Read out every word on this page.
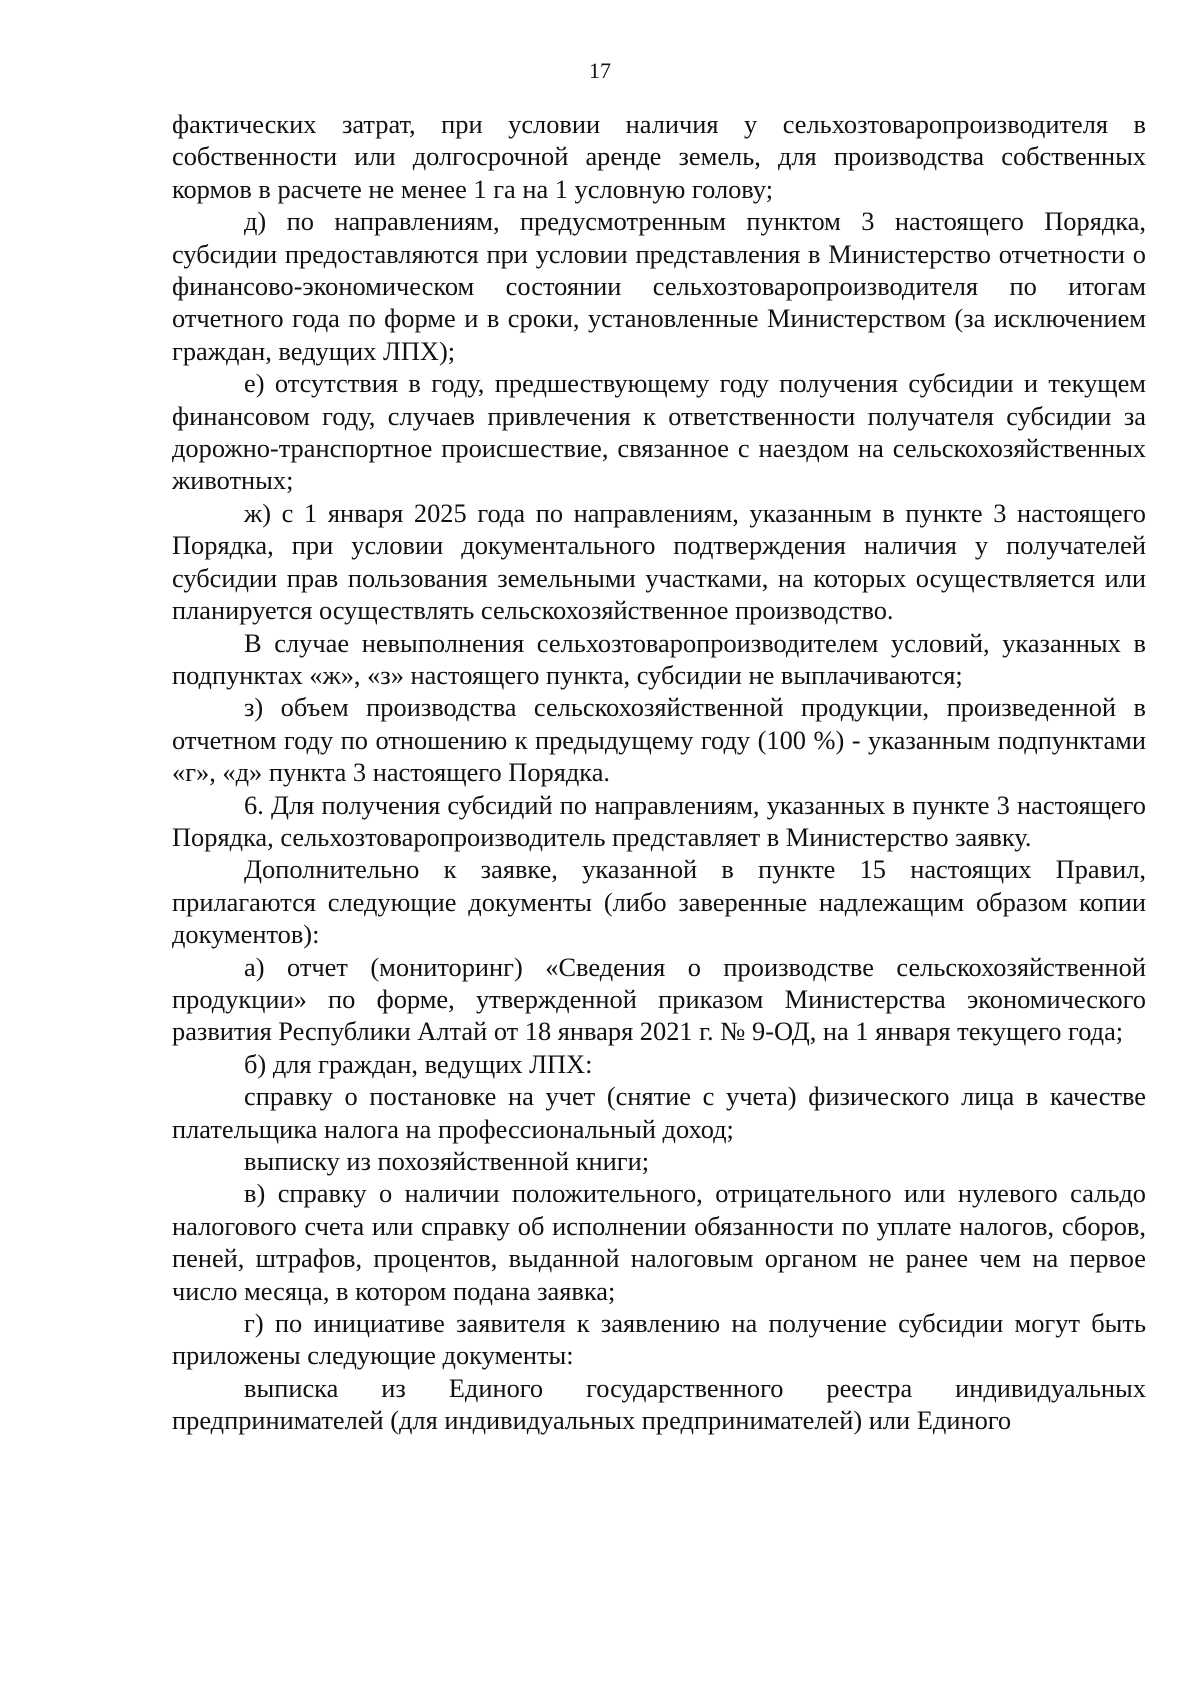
17

фактических затрат, при условии наличия у сельхозтоваропроизводителя в собственности или долгосрочной аренде земель, для производства собственных кормов в расчете не менее 1 га на 1 условную голову;

д) по направлениям, предусмотренным пунктом 3 настоящего Порядка, субсидии предоставляются при условии представления в Министерство отчетности о финансово-экономическом состоянии сельхозтоваропроизводителя по итогам отчетного года по форме и в сроки, установленные Министерством (за исключением граждан, ведущих ЛПХ);

е) отсутствия в году, предшествующему году получения субсидии и текущем финансовом году, случаев привлечения к ответственности получателя субсидии за дорожно-транспортное происшествие, связанное с наездом на сельскохозяйственных животных;

ж) с 1 января 2025 года по направлениям, указанным в пункте 3 настоящего Порядка, при условии документального подтверждения наличия у получателей субсидии прав пользования земельными участками, на которых осуществляется или планируется осуществлять сельскохозяйственное производство.

В случае невыполнения сельхозтоваропроизводителем условий, указанных в подпунктах «ж», «з» настоящего пункта, субсидии не выплачиваются;

з) объем производства сельскохозяйственной продукции, произведенной в отчетном году по отношению к предыдущему году (100 %) - указанным подпунктами «г», «д» пункта 3 настоящего Порядка.

6. Для получения субсидий по направлениям, указанных в пункте 3 настоящего Порядка, сельхозтоваропроизводитель представляет в Министерство заявку.

Дополнительно к заявке, указанной в пункте 15 настоящих Правил, прилагаются следующие документы (либо заверенные надлежащим образом копии документов):

а) отчет (мониторинг) «Сведения о производстве сельскохозяйственной продукции» по форме, утвержденной приказом Министерства экономического развития Республики Алтай от 18 января 2021 г. № 9-ОД, на 1 января текущего года;

б) для граждан, ведущих ЛПХ:

справку о постановке на учет (снятие с учета) физического лица в качестве плательщика налога на профессиональный доход;

выписку из похозяйственной книги;

в) справку о наличии положительного, отрицательного или нулевого сальдо налогового счета или справку об исполнении обязанности по уплате налогов, сборов, пеней, штрафов, процентов, выданной налоговым органом не ранее чем на первое число месяца, в котором подана заявка;

г) по инициативе заявителя к заявлению на получение субсидии могут быть приложены следующие документы:

выписка из Единого государственного реестра индивидуальных предпринимателей (для индивидуальных предпринимателей) или Единого
